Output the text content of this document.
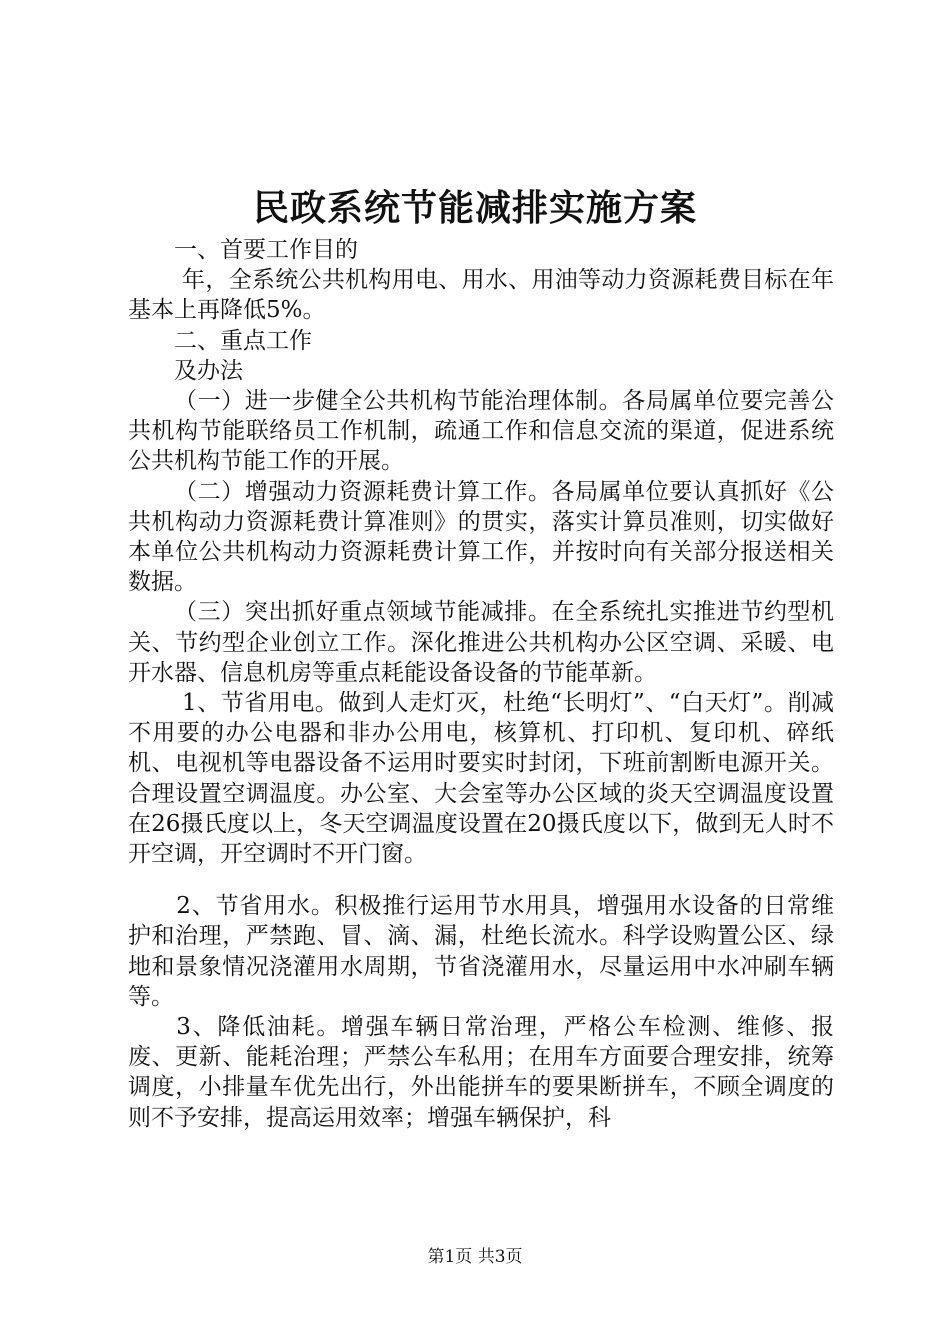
民政系统节能减排实施方案

一、首要工作目的

年，全系统公共机构用电、用水、用油等动力资源耗费目标在年基本上再降低5%。

二、重点工作

及办法

（一）进一步健全公共机构节能治理体制。各局属单位要完善公共机构节能联络员工作机制，疏通工作和信息交流的渠道，促进系统公共机构节能工作的开展。

（二）增强动力资源耗费计算工作。各局属单位要认真抓好《公共机构动力资源耗费计算准则》的贯实，落实计算员准则，切实做好本单位公共机构动力资源耗费计算工作，并按时向有关部分报送相关数据。

（三）突出抓好重点领域节能减排。在全系统扎实推进节约型机关、节约型企业创立工作。深化推进公共机构办公区空调、采暖、电开水器、信息机房等重点耗能设备设备的节能革新。

1、节省用电。做到人走灯灭，杜绝“长明灯”、“白天灯”。削减不用要的办公电器和非办公用电，核算机、打印机、复印机、碎纸机、电视机等电器设备不运用时要实时封闭，下班前割断电源开关。合理设置空调温度。办公室、大会室等办公区域的炎天空调温度设置在26摄氏度以上，冬天空调温度设置在20摄氏度以下，做到无人时不开空调，开空调时不开门窗。

2、节省用水。积极推行运用节水用具，增强用水设备的日常维护和治理，严禁跑、冒、滴、漏，杜绝长流水。科学设购置公区、绿地和景象情况浇灌用水周期，节省浇灌用水，尽量运用中水冲刷车辆等。

3、降低油耗。增强车辆日常治理，严格公车检测、维修、报废、更新、能耗治理；严禁公车私用；在用车方面要合理安排，统筹调度，小排量车优先出行，外出能拼车的要果断拼车，不顾全调度的则不予安排，提高运用效率；增强车辆保护，科

第1页 共3页
